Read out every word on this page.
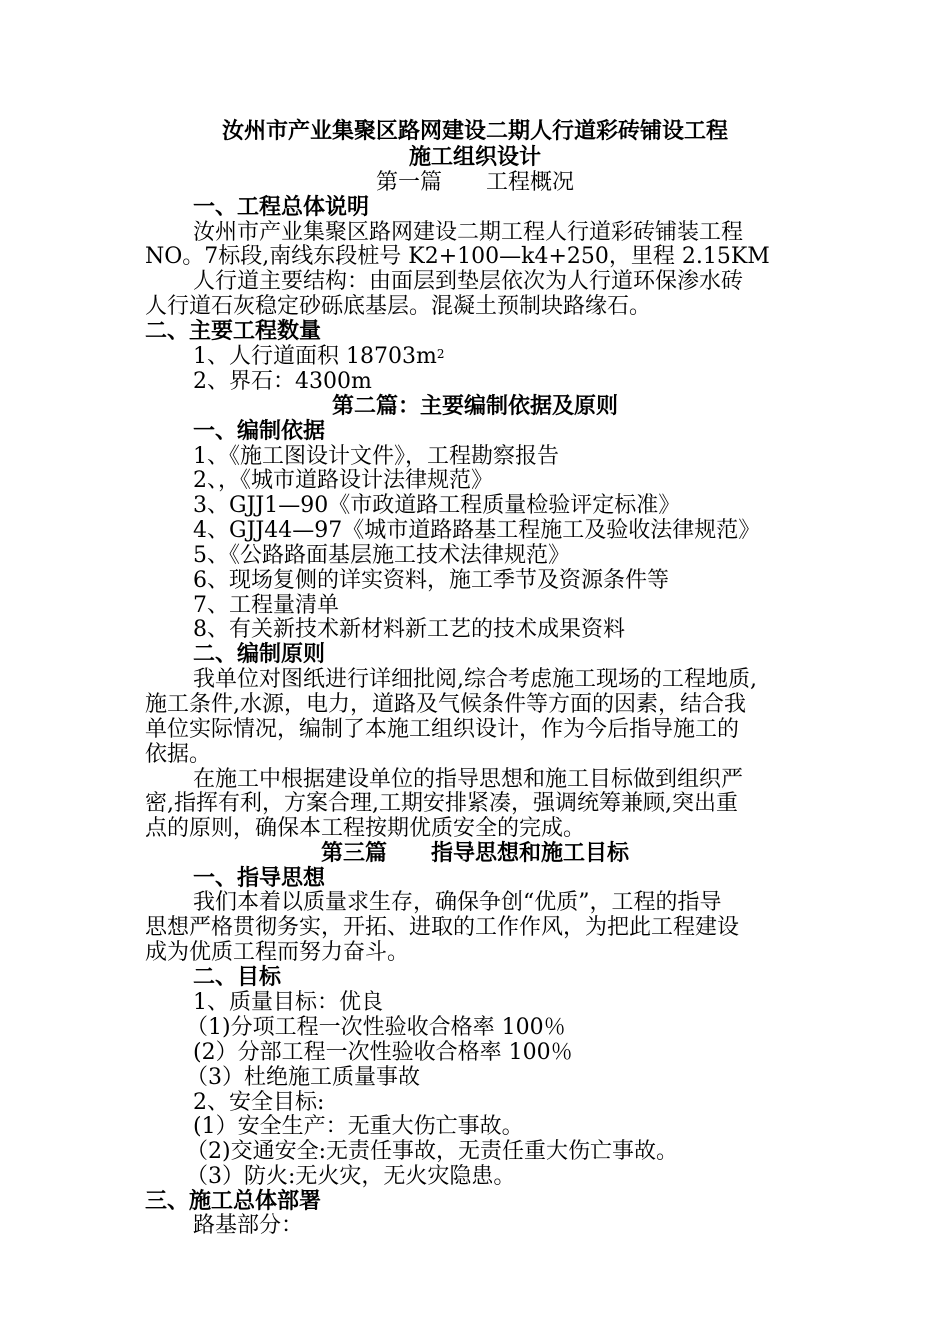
汝州市产业集聚区路网建设二期人行道彩砖铺设工程
施工组织设计
第一篇　　工程概况
一、工程总体说明
汝州市产业集聚区路网建设二期工程人行道彩砖铺装工程
NO。7标段,南线东段桩号 K2+100—k4+250，里程 2.15KM
人行道主要结构：由面层到垫层依次为人行道环保渗水砖
人行道石灰稳定砂砾底基层。混凝土预制块路缘石。
二、主要工程数量
1、人行道面积 $18703m^2$
2、界石：4300m
第二篇：主要编制依据及原则
一、编制依据
1、《施工图设计文件》，工程勘察报告
2、，《城市道路设计法律规范》
3、GJJ1—90《市政道路工程质量检验评定标准》
4、GJJ44—97《城市道路路基工程施工及验收法律规范》
5、《公路路面基层施工技术法律规范》
6、现场复侧的详实资料，施工季节及资源条件等
7、工程量清单
8、有关新技术新材料新工艺的技术成果资料
二、编制原则
我单位对图纸进行详细批阅,综合考虑施工现场的工程地质,
施工条件,水源，电力，道路及气候条件等方面的因素，结合我
单位实际情况，编制了本施工组织设计，作为今后指导施工的
依据。
在施工中根据建设单位的指导思想和施工目标做到组织严
密,指挥有利，方案合理,工期安排紧凑，强调统筹兼顾,突出重
点的原则，确保本工程按期优质安全的完成。
第三篇　　指导思想和施工目标
一、指导思想
我们本着以质量求生存，确保争创“优质”，工程的指导
思想严格贯彻务实，开拓、进取的工作作风，为把此工程建设
成为优质工程而努力奋斗。
二、目标
1、质量目标：优良
（1)分项工程一次性验收合格率 100％
(2）分部工程一次性验收合格率 100％
（3）杜绝施工质量事故
2、安全目标:
(1）安全生产：无重大伤亡事故。
（2)交通安全:无责任事故，无责任重大伤亡事故。
（3）防火:无火灾，无火灾隐患。
三、施工总体部署
路基部分：
